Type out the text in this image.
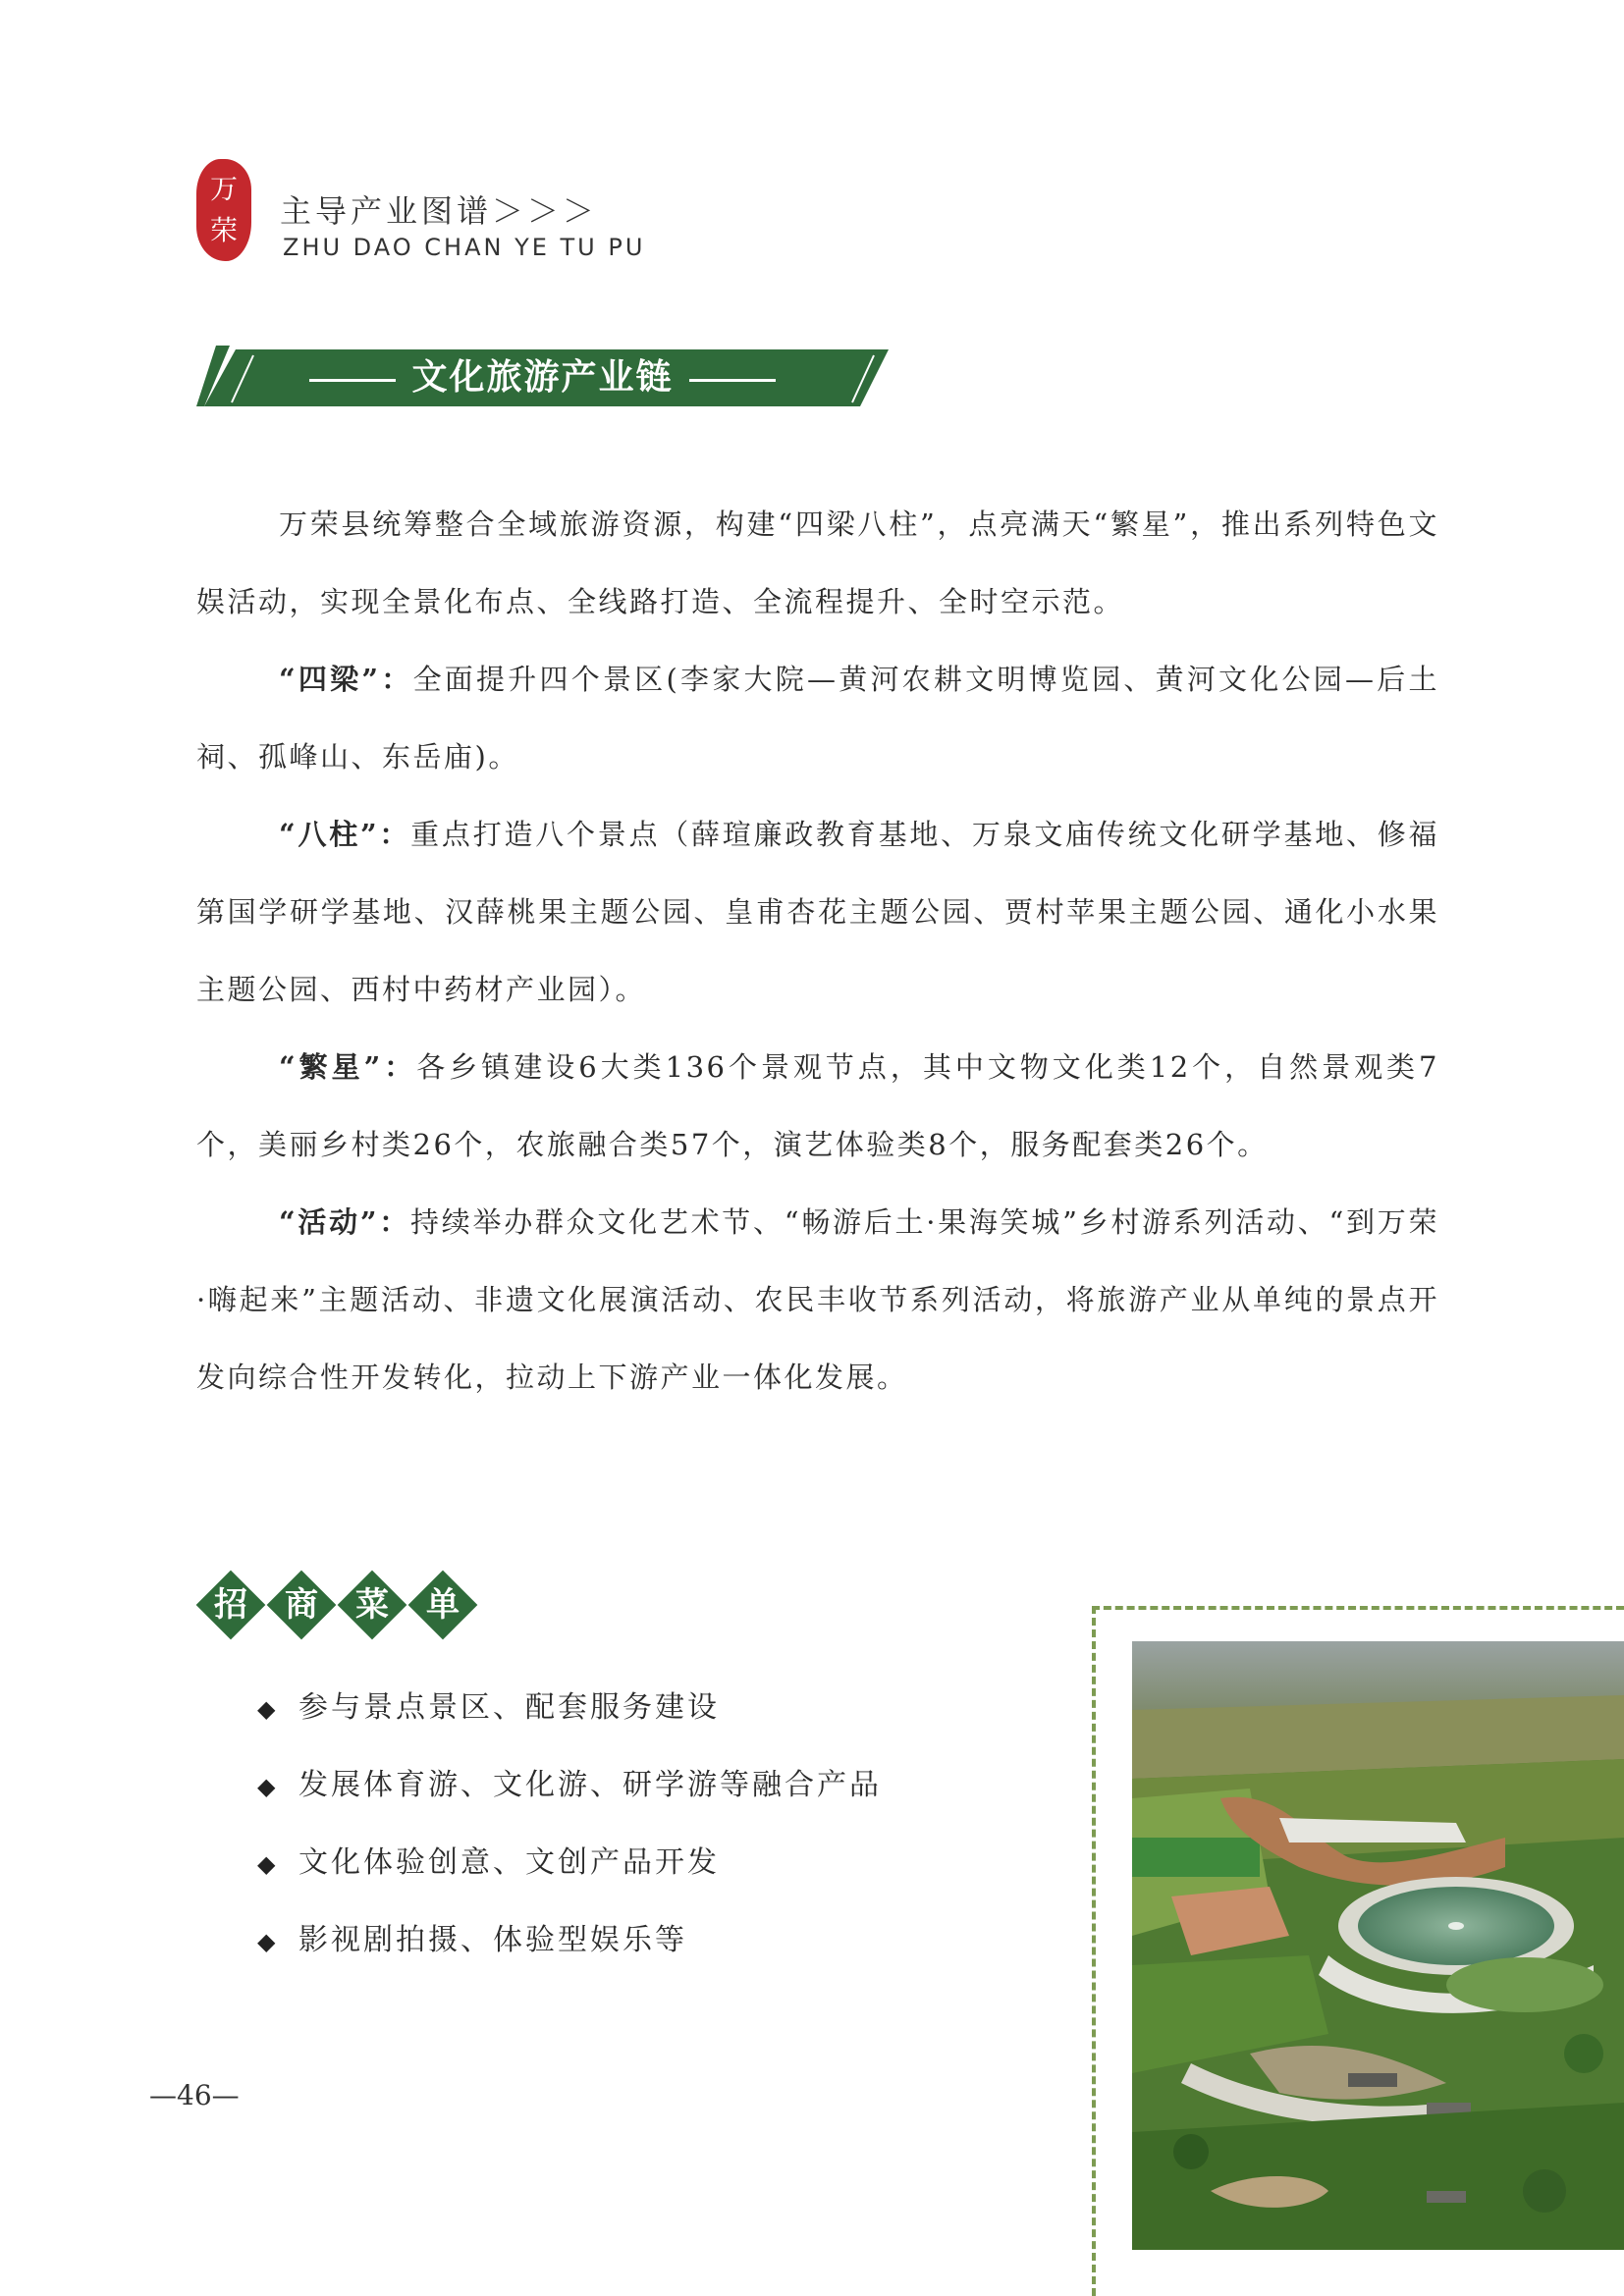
万
荣
主导产业图谱＞＞＞
ZHU DAO CHAN YE TU PU
文化旅游产业链

万荣县统筹整合全域旅游资源，构建“四梁八柱”，点亮满天“繁星”，推出系列特色文娱活动，实现全景化布点、全线路打造、全流程提升、全时空示范。

“四梁”：全面提升四个景区(李家大院—黄河农耕文明博览园、黄河文化公园—后土祠、孤峰山、东岳庙)。

“八柱”：重点打造八个景点（薛瑄廉政教育基地、万泉文庙传统文化研学基地、修福第国学研学基地、汉薛桃果主题公园、皇甫杏花主题公园、贾村苹果主题公园、通化小水果主题公园、西村中药材产业园）。

“繁星”：各乡镇建设6大类136个景观节点，其中文物文化类12个，自然景观类7个，美丽乡村类26个，农旅融合类57个，演艺体验类8个，服务配套类26个。

“活动”：持续举办群众文化艺术节、“畅游后土·果海笑城”乡村游系列活动、“到万荣·嗨起来”主题活动、非遗文化展演活动、农民丰收节系列活动，将旅游产业从单纯的景点开发向综合性开发转化，拉动上下游产业一体化发展。

招	商	菜	单
◆ 参与景点景区、配套服务建设
◆ 发展体育游、文化游、研学游等融合产品
◆ 文化体验创意、文创产品开发
◆ 影视剧拍摄、体验型娱乐等
—46—
